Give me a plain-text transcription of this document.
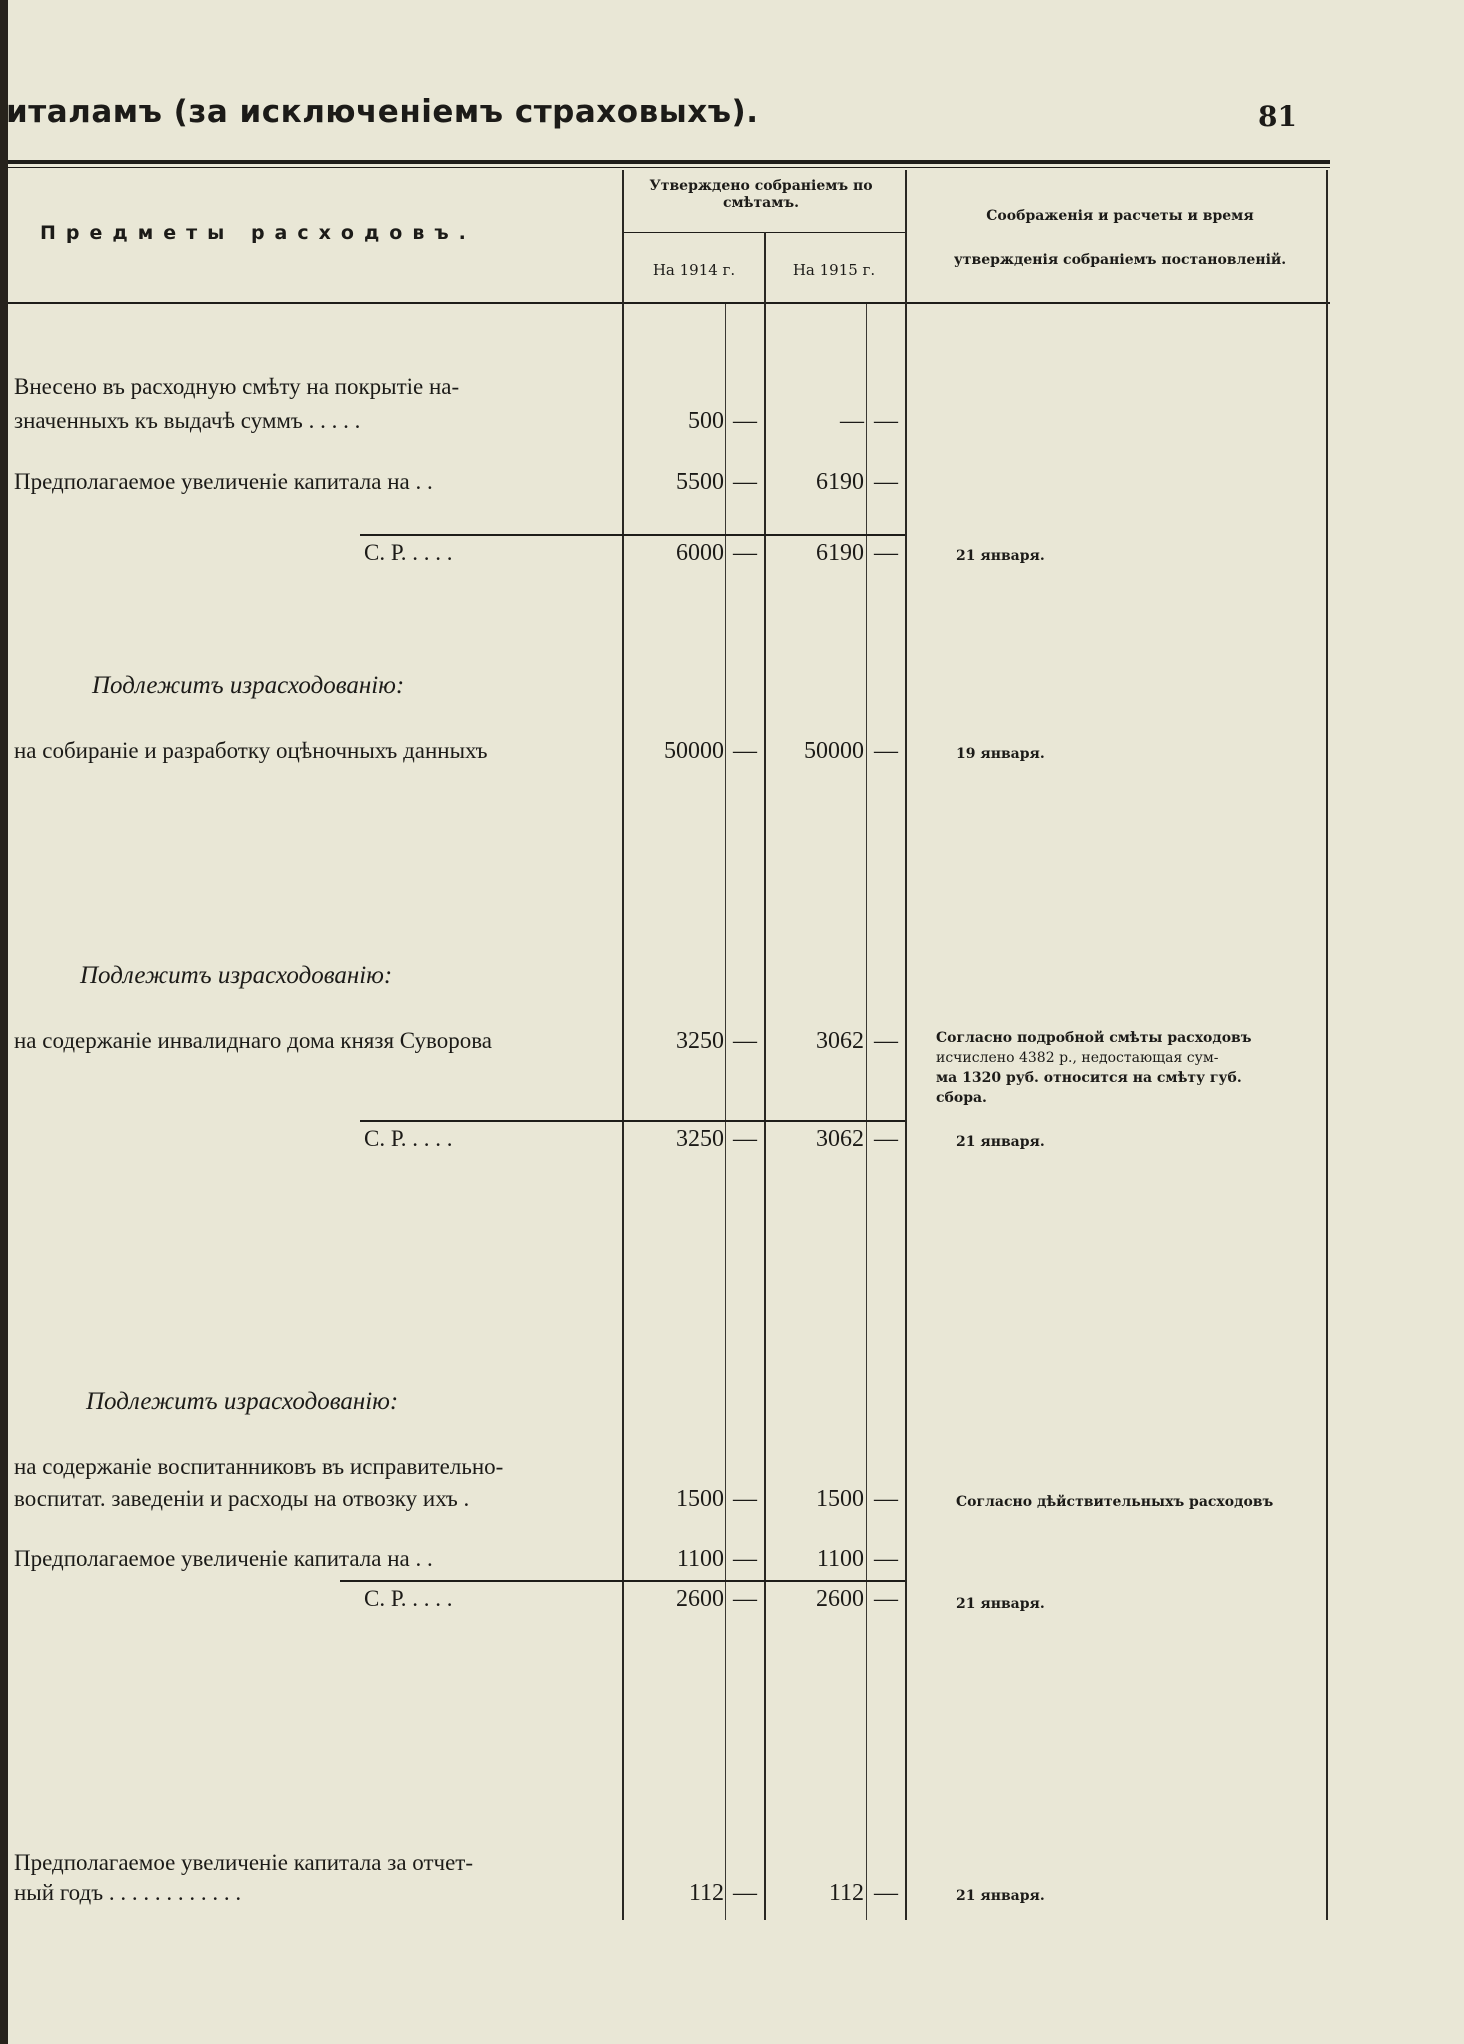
италамъ (за исключеніемъ страховыхъ).	81
Предметы расходовъ.
Утверждено собраніемъ по смѣтамъ.
На 1914 г.	На 1915 г.
Соображенія и расчеты и время
утвержденія собраніемъ постановленій.
Внесено въ расходную смѣту на покрытіе на-
значенныхъ къ выдачѣ суммъ . . . . .	500 —	— —
Предполагаемое увеличеніе капитала на . .	5500 —	6190 —
С. Р. . . . .	6000 —	6190 —	21 января.
Подлежитъ израсходованію:
на собираніе и разработку оцѣночныхъ данныхъ	50000 —	50000 —	19 января.
Подлежитъ израсходованію:
на содержаніе инвалиднаго дома князя Суворова	3250 —	3062 —	Согласно подробной смѣты расходовъ
исчислено 4382 р., недостающая сум-
ма 1320 руб. относится на смѣту губ.
сбора.
С. Р. . . . .	3250 —	3062 —	21 января.
Подлежитъ израсходованію:
на содержаніе воспитанниковъ въ исправительно-
воспитат. заведеніи и расходы на отвозку ихъ .	1500 —	1500 —	Согласно дѣйствительныхъ расходовъ
Предполагаемое увеличеніе капитала на . .	1100 —	1100 —
С. Р. . . . .	2600 —	2600 —	21 января.
Предполагаемое увеличеніе капитала за отчет-
ный годъ . . . . . . . . . . . .	112 —	112 —	21 января.
